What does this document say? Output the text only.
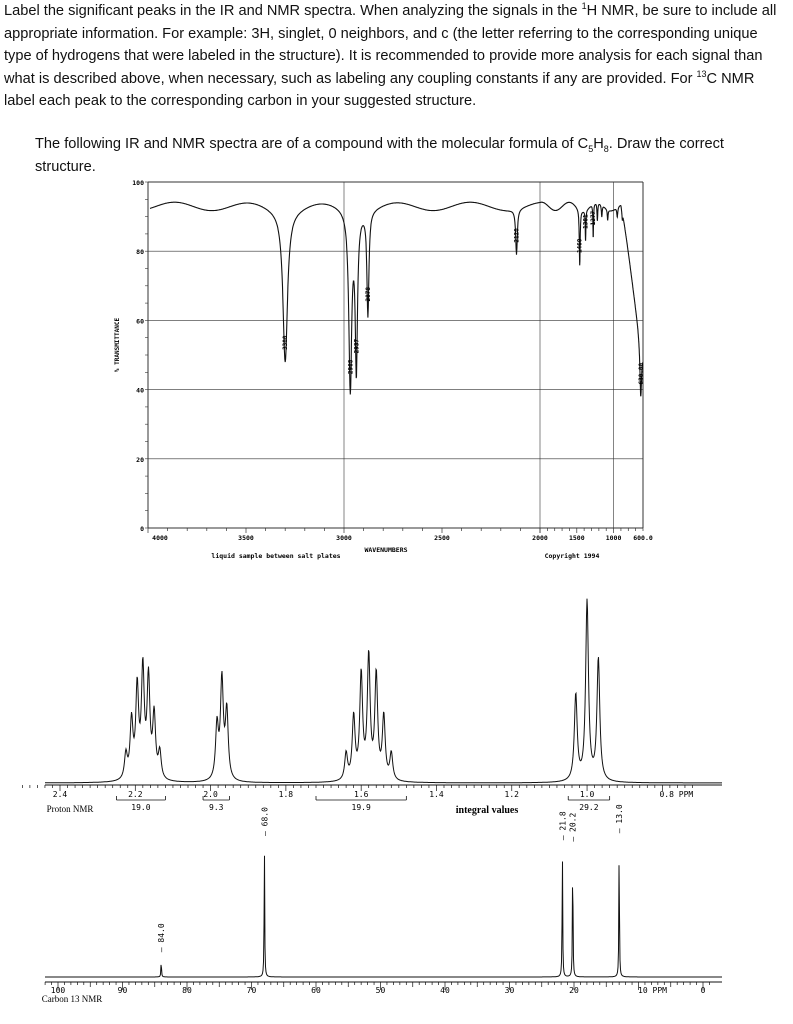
Label the significant peaks in the IR and NMR spectra. When analyzing the signals in the $^1$H NMR, be sure to include all appropriate information. For example: 3H, singlet, 0 neighbors, and c (the letter referring to the corresponding unique type of hydrogens that were labeled in the structure). It is recommended to provide more analysis for each signal than what is described above, when necessary, such as labeling any coupling constants if any are provided. For $^{13}$C NMR label each peak to the corresponding carbon in your suggested structure.
The following IR and NMR spectra are of a compound with the molecular formula of $C_5H_8$. Draw the correct structure.
100
80
60
40
20
0
4000	3500	3000	2500	2000	1500	1000 600.0
% TRANSMITTANCE
WAVENUMBERS
liquid sample between salt plates	Copyright 1994
3300
2968
2937
2878
2120
1460
1381 1277
630.00
2.4	2.2	2.0	1.8	1.6	1.4	1.2	1.0	0.8 PPM
Proton NMR	integral values
19.0	9.3	19.9	29.2
100	90	80	70	60	50	40	30	20	10 PPM	0
Carbon 13 NMR
— 84.0
— 68.0	— 21.8 — 20.2	— 13.0
